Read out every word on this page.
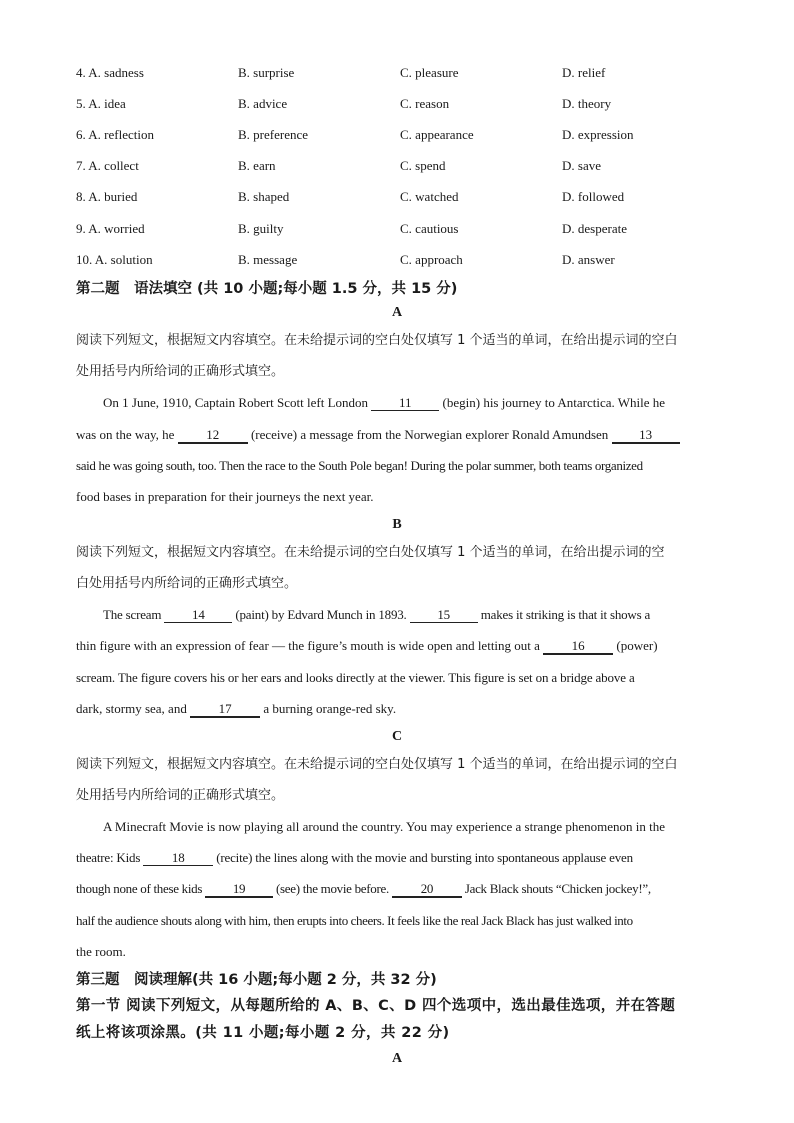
4. A. sadness	B. surprise	C. pleasure	D. relief
5. A. idea	B. advice	C. reason	D. theory
6. A. reflection	B. preference	C. appearance	D. expression
7. A. collect	B. earn	C. spend	D. save
8. A. buried	B. shaped	C. watched	D. followed
9. A. worried	B. guilty	C. cautious	D. desperate
10. A. solution	B. message	C. approach	D. answer
第二题　语法填空 (共 10 小题;每小题 1.5 分，共 15 分)
A
阅读下列短文，根据短文内容填空。在未给提示词的空白处仅填写 1 个适当的单词，在给出提示词的空白
处用括号内所给词的正确形式填空。
On 1 June, 1910, Captain Robert Scott left London 11 (begin) his journey to Antarctica. While he
was on the way, he 12 (receive) a message from the Norwegian explorer Ronald Amundsen 13
said he was going south, too. Then the race to the South Pole began! During the polar summer, both teams organized
food bases in preparation for their journeys the next year.
B
阅读下列短文，根据短文内容填空。在未给提示词的空白处仅填写 1 个适当的单词，在给出提示词的空
白处用括号内所给词的正确形式填空。
The scream 14 (paint) by Edvard Munch in 1893. 15 makes it striking is that it shows a
thin figure with an expression of fear — the figure’s mouth is wide open and letting out a 16 (power)
scream. The figure covers his or her ears and looks directly at the viewer. This figure is set on a bridge above a
dark, stormy sea, and 17 a burning orange-red sky.
C
阅读下列短文，根据短文内容填空。在未给提示词的空白处仅填写 1 个适当的单词，在给出提示词的空白
处用括号内所给词的正确形式填空。
A Minecraft Movie is now playing all around the country. You may experience a strange phenomenon in the
theatre: Kids 18 (recite) the lines along with the movie and bursting into spontaneous applause even
though none of these kids 19 (see) the movie before. 20 Jack Black shouts “Chicken jockey!”,
half the audience shouts along with him, then erupts into cheers. It feels like the real Jack Black has just walked into
the room.
第三题　阅读理解(共 16 小题;每小题 2 分，共 32 分)
第一节 阅读下列短文，从每题所给的 A、B、C、D 四个选项中，选出最佳选项，并在答题
纸上将该项涂黑。(共 11 小题;每小题 2 分，共 22 分)
A
